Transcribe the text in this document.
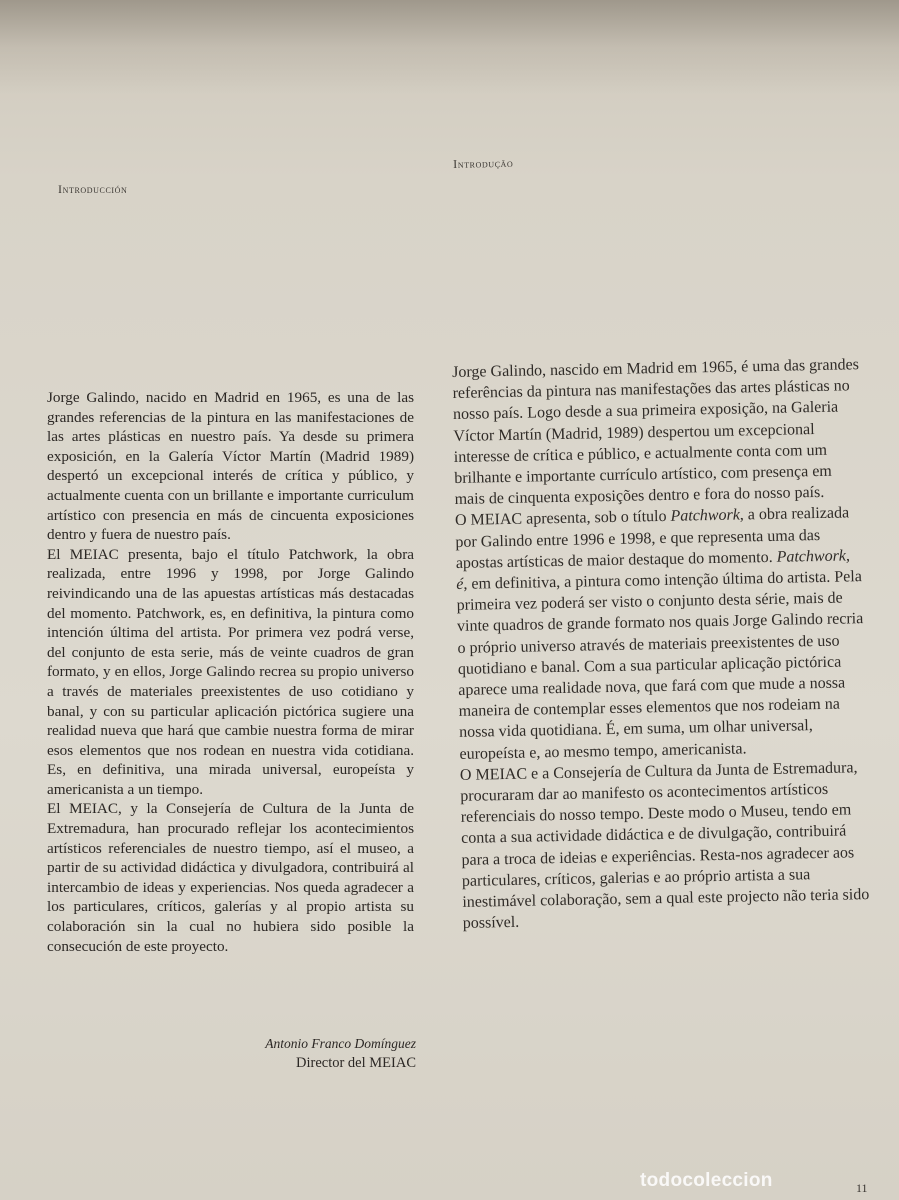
Introducción
Introdução

Jorge Galindo, nacido en Madrid en 1965, es una de las grandes referencias de la pintura en las manifestaciones de las artes plásticas en nuestro país. Ya desde su primera exposición, en la Galería Víctor Martín (Madrid 1989) despertó un excepcional interés de crítica y público, y actualmente cuenta con un brillante e importante curriculum artístico con presencia en más de cincuenta exposiciones dentro y fuera de nuestro país.

El MEIAC presenta, bajo el título Patchwork, la obra realizada, entre 1996 y 1998, por Jorge Galindo reivindicando una de las apuestas artísticas más destacadas del momento. Patchwork, es, en definitiva, la pintura como intención última del artista. Por primera vez podrá verse, del conjunto de esta serie, más de veinte cuadros de gran formato, y en ellos, Jorge Galindo recrea su propio universo a través de materiales preexistentes de uso cotidiano y banal, y con su particular aplicación pictórica sugiere una realidad nueva que hará que cambie nuestra forma de mirar esos elementos que nos rodean en nuestra vida cotidiana. Es, en definitiva, una mirada universal, europeísta y americanista a un tiempo.

El MEIAC, y la Consejería de Cultura de la Junta de Extremadura, han procurado reflejar los acontecimientos artísticos referenciales de nuestro tiempo, así el museo, a partir de su actividad didáctica y divulgadora, contribuirá al intercambio de ideas y experiencias. Nos queda agradecer a los particulares, críticos, galerías y al propio artista su colaboración sin la cual no hubiera sido posible la consecución de este proyecto.

Jorge Galindo, nascido em Madrid em 1965, é uma das grandes referências da pintura nas manifestações das artes plásticas no nosso país. Logo desde a sua primeira exposição, na Galeria Víctor Martín (Madrid, 1989) despertou um excepcional interesse de crítica e público, e actualmente conta com um brilhante e importante currículo artístico, com presença em mais de cinquenta exposições dentro e fora do nosso país.

O MEIAC apresenta, sob o título Patchwork, a obra realizada por Galindo entre 1996 e 1998, e que representa uma das apostas artísticas de maior destaque do momento. Patchwork, é, em definitiva, a pintura como intenção última do artista. Pela primeira vez poderá ser visto o conjunto desta série, mais de vinte quadros de grande formato nos quais Jorge Galindo recria o próprio universo através de materiais preexistentes de uso quotidiano e banal. Com a sua particular aplicação pictórica aparece uma realidade nova, que fará com que mude a nossa maneira de contemplar esses elementos que nos rodeiam na nossa vida quotidiana. É, em suma, um olhar universal, europeísta e, ao mesmo tempo, americanista.

O MEIAC e a Consejería de Cultura da Junta de Estremadura, procuraram dar ao manifesto os acontecimentos artísticos referenciais do nosso tempo. Deste modo o Museu, tendo em conta a sua actividade didáctica e de divulgação, contribuirá para a troca de ideias e experiências. Resta-nos agradecer aos particulares, críticos, galerias e ao próprio artista a sua inestimável colaboração, sem a qual este projecto não teria sido possível.

Antonio Franco Domínguez
Director del MEIAC
todocoleccion	11
